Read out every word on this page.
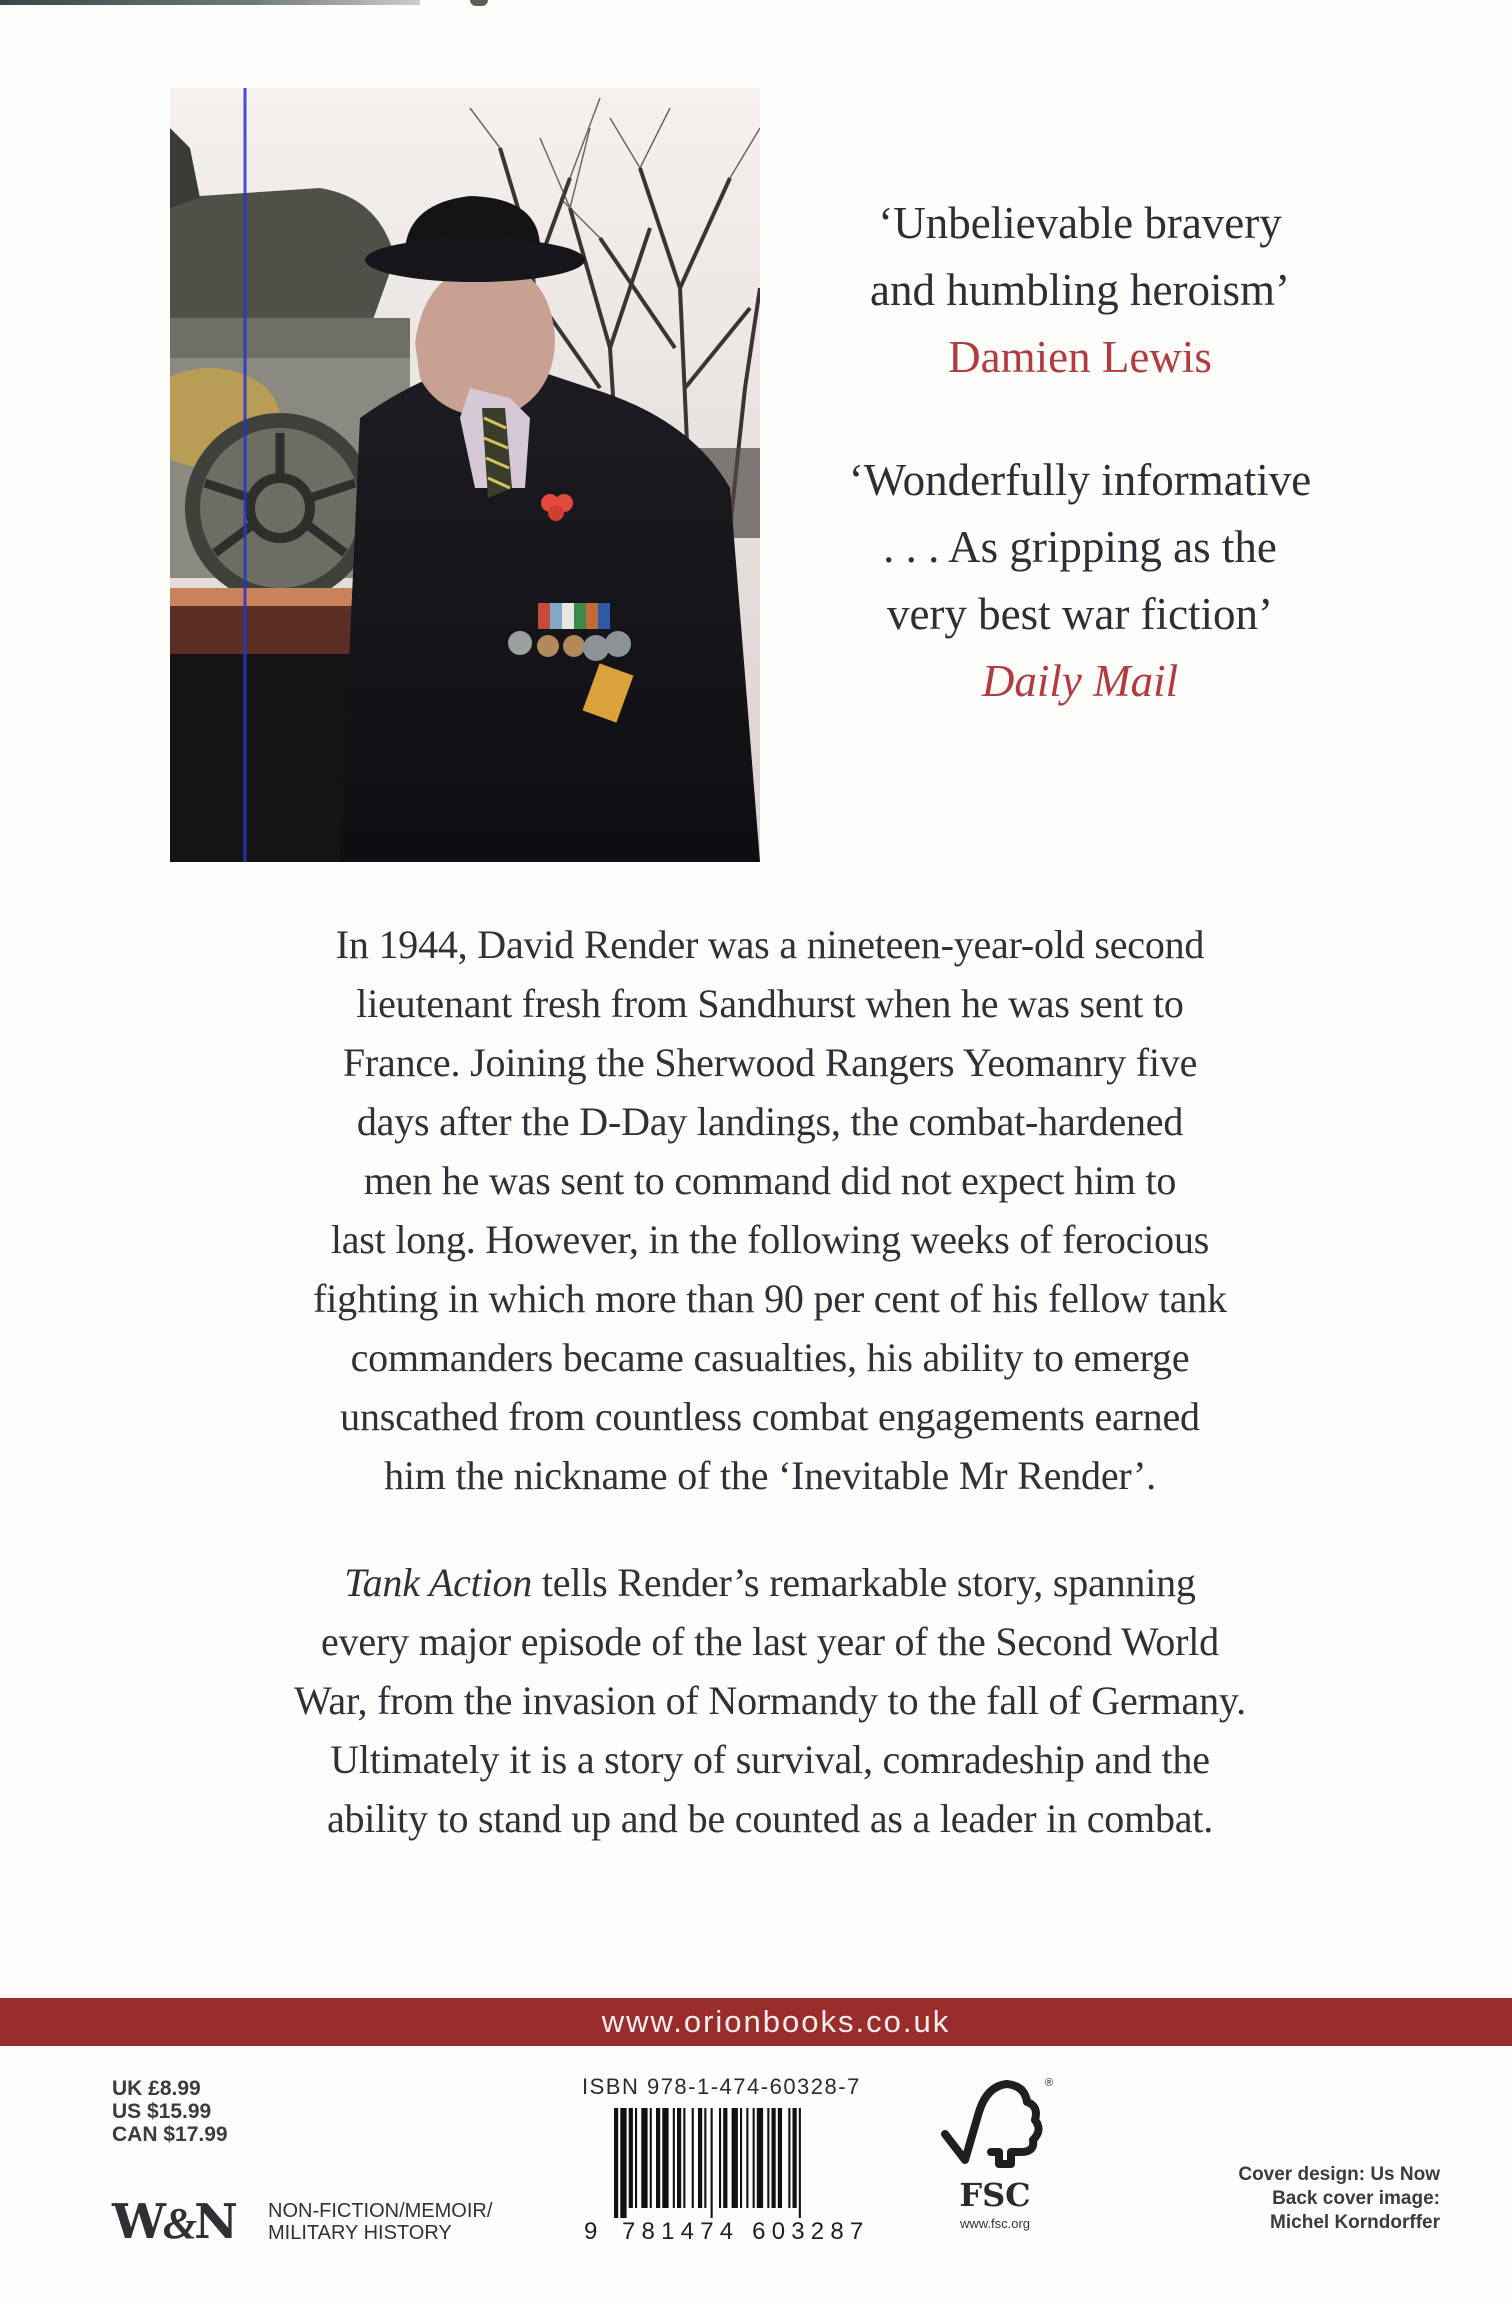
‘Unbelievable bravery
and humbling heroism’
Damien Lewis
‘Wonderfully informative
. . . As gripping as the
very best war fiction’
Daily Mail
In 1944, David Render was a nineteen-year-old second
lieutenant fresh from Sandhurst when he was sent to
France. Joining the Sherwood Rangers Yeomanry five
days after the D-Day landings, the combat-hardened
men he was sent to command did not expect him to
last long. However, in the following weeks of ferocious
fighting in which more than 90 per cent of his fellow tank
commanders became casualties, his ability to emerge
unscathed from countless combat engagements earned
him the nickname of the ‘Inevitable Mr Render’.
Tank Action tells Render’s remarkable story, spanning
every major episode of the last year of the Second World
War, from the invasion of Normandy to the fall of Germany.
Ultimately it is a story of survival, comradeship and the
ability to stand up and be counted as a leader in combat.
www.orionbooks.co.uk
UK £8.99
US $15.99
CAN $17.99
W&N NON-FICTION/MEMOIR/
MILITARY HISTORY
ISBN 978-1-474-60328-7
9 781474 603287
®
FSC
www.fsc.org
Cover design: Us Now
Back cover image:
Michel Korndorffer
